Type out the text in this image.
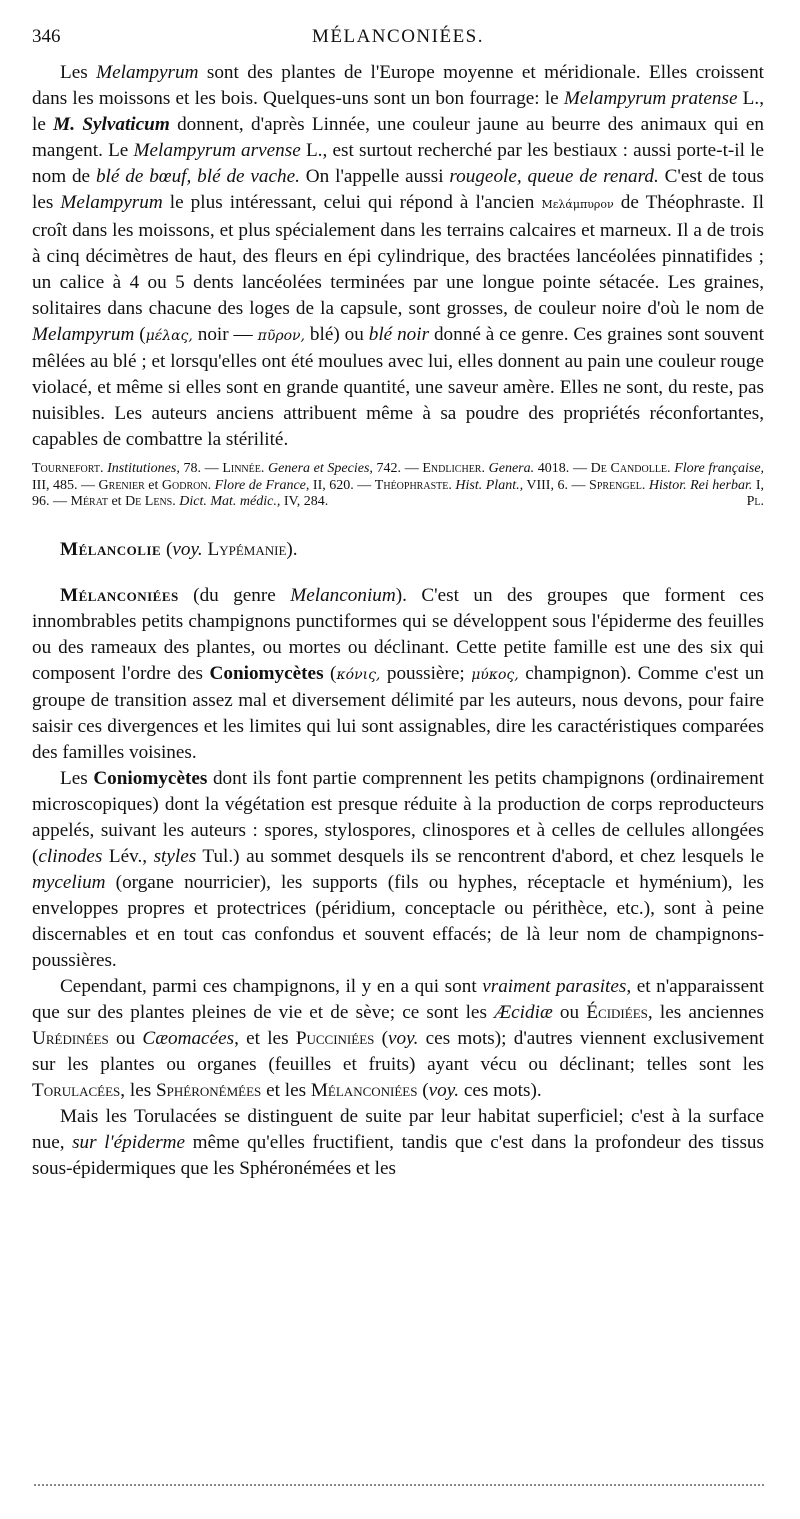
346	MÉLANCONIÉES.

Les Melampyrum sont des plantes de l'Europe moyenne et méridionale. Elles croissent dans les moissons et les bois. Quelques-uns sont un bon fourrage: le Melampyrum pratense L., le M. Sylvaticum donnent, d'après Linnée, une couleur jaune au beurre des animaux qui en mangent. Le Melampyrum arvense L., est surtout recherché par les bestiaux : aussi porte-t-il le nom de blé de bœuf, blé de vache. On l'appelle aussi rougeole, queue de renard. C'est de tous les Melampyrum le plus intéressant, celui qui répond à l'ancien Μελάμπυρον de Théophraste. Il croît dans les moissons, et plus spécialement dans les terrains calcaires et marneux. Il a de trois à cinq décimètres de haut, des fleurs en épi cylindrique, des bractées lancéolées pinnatifides ; un calice à 4 ou 5 dents lancéolées terminées par une longue pointe sétacée. Les graines, solitaires dans chacune des loges de la capsule, sont grosses, de couleur noire d'où le nom de Melampyrum (μέλας, noir — πῦρον, blé) ou blé noir donné à ce genre. Ces graines sont souvent mêlées au blé ; et lorsqu'elles ont été moulues avec lui, elles donnent au pain une couleur rouge violacé, et même si elles sont en grande quantité, une saveur amère. Elles ne sont, du reste, pas nuisibles. Les auteurs anciens attribuent même à sa poudre des propriétés réconfortantes, capables de combattre la stérilité.

Tournefort. Institutiones, 78. — Linnée. Genera et Species, 742. — Endlicher. Genera. 4018. — De Candolle. Flore française, III, 485. — Grenier et Godron. Flore de France, II, 620. — Théophraste. Hist. Plant., VIII, 6. — Sprengel. Histor. Rei herbar. I, 96. — Mérat et De Lens. Dict. Mat. médic., IV, 284.	Pl.

Mélancolie (voy. Lypémanie).

Mélanconiées (du genre Melanconium). C'est un des groupes que forment ces innombrables petits champignons punctiformes qui se développent sous l'épiderme des feuilles ou des rameaux des plantes, ou mortes ou déclinant. Cette petite famille est une des six qui composent l'ordre des Coniomycètes (κόνις, poussière; μύκος, champignon). Comme c'est un groupe de transition assez mal et diversement délimité par les auteurs, nous devons, pour faire saisir ces divergences et les limites qui lui sont assignables, dire les caractéristiques comparées des familles voisines.

Les Coniomycètes dont ils font partie comprennent les petits champignons (ordinairement microscopiques) dont la végétation est presque réduite à la production de corps reproducteurs appelés, suivant les auteurs : spores, stylospores, clinospores et à celles de cellules allongées (clinodes Lév., styles Tul.) au sommet desquels ils se rencontrent d'abord, et chez lesquels le mycelium (organe nourricier), les supports (fils ou hyphes, réceptacle et hyménium), les enveloppes propres et protectrices (péridium, conceptacle ou périthèce, etc.), sont à peine discernables et en tout cas confondus et souvent effacés; de là leur nom de champignons-poussières.

Cependant, parmi ces champignons, il y en a qui sont vraiment parasites, et n'apparaissent que sur des plantes pleines de vie et de sève; ce sont les Æcidiæ ou Écidiées, les anciennes Urédinées ou Cæomacées, et les Pucciniées (voy. ces mots); d'autres viennent exclusivement sur les plantes ou organes (feuilles et fruits) ayant vécu ou déclinant; telles sont les Torulacées, les Sphéronémées et les Mélanconiées (voy. ces mots).

Mais les Torulacées se distinguent de suite par leur habitat superficiel; c'est à la surface nue, sur l'épiderme même qu'elles fructifient, tandis que c'est dans la profondeur des tissus sous-épidermiques que les Sphéronémées et les
